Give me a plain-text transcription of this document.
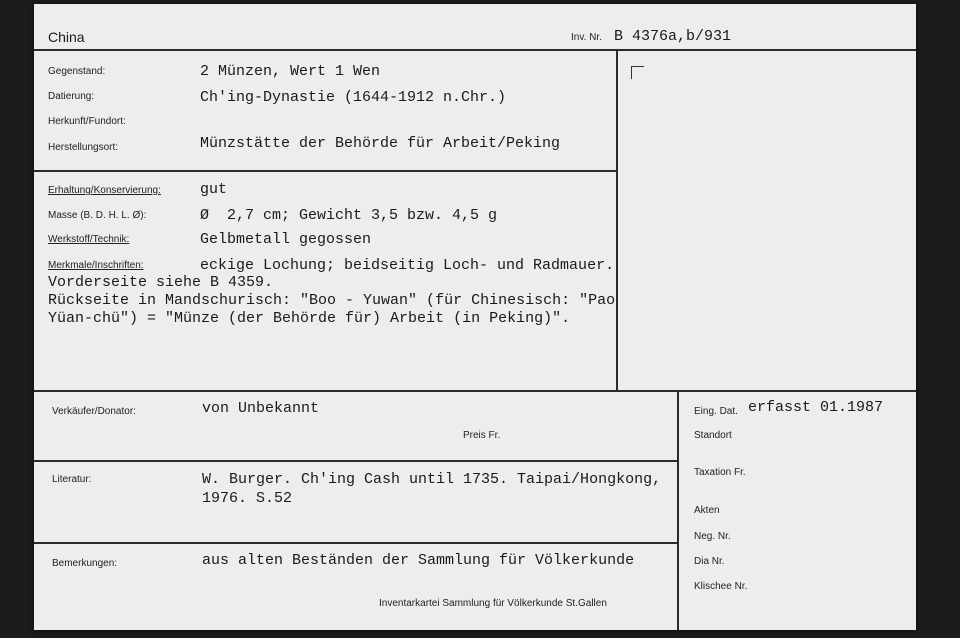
China	Inv. Nr. B 4376a,b/931
Gegenstand:	2 Münzen, Wert 1 Wen
Datierung:	Ch'ing-Dynastie (1644-1912 n.Chr.)
Herkunft/Fundort:
Herstellungsort:	Münzstätte der Behörde für Arbeit/Peking
Erhaltung/Konservierung:	gut
Masse (B. D. H. L. Ø):	Ø  2,7 cm; Gewicht 3,5 bzw. 4,5 g
Werkstoff/Technik:	Gelbmetall gegossen
Merkmale/Inschriften:	eckige Lochung; beidseitig Loch- und Radmauer.
Vorderseite siehe B 4359.
Rückseite in Mandschurisch: "Boo - Yuwan" (für Chinesisch: "Pao
Yüan-chü") = "Münze (der Behörde für) Arbeit (in Peking)".
Verkäufer/Donator:	von Unbekannt
Preis Fr.
Literatur:	W. Burger. Ch'ing Cash until 1735. Taipai/Hongkong,
1976. S.52
Bemerkungen:	aus alten Beständen der Sammlung für Völkerkunde
Inventarkartei Sammlung für Völkerkunde St.Gallen
Eing. Dat. erfasst 01.1987
Standort
Taxation Fr.
Akten
Neg. Nr.
Dia Nr.
Klischee Nr.
